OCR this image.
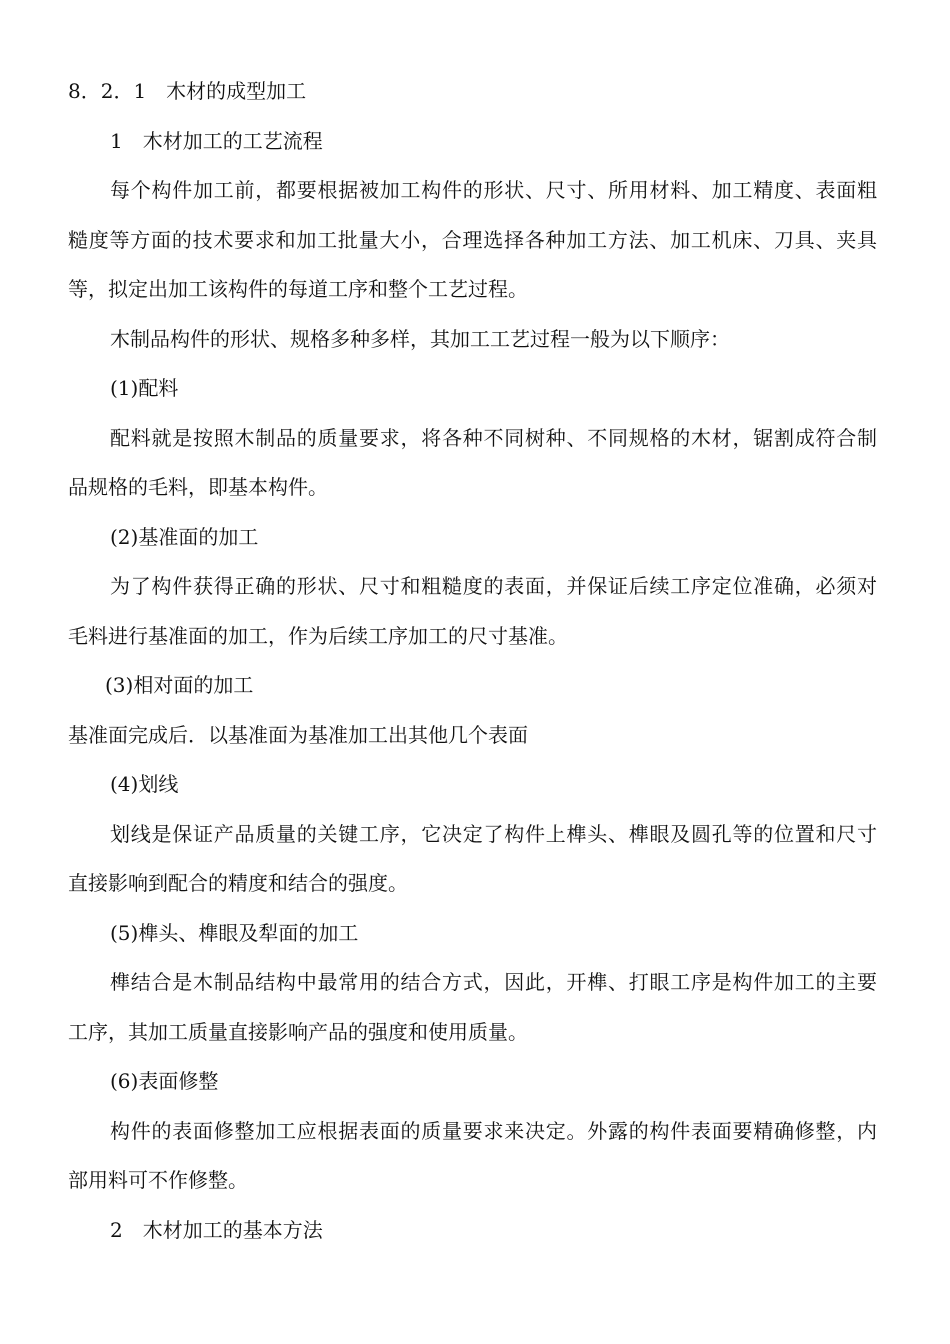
8．2．1　木材的成型加工
1　木材加工的工艺流程
每个构件加工前，都要根据被加工构件的形状、尺寸、所用材料、加工精度、表面粗
糙度等方面的技术要求和加工批量大小，合理选择各种加工方法、加工机床、刀具、夹具
等，拟定出加工该构件的每道工序和整个工艺过程。
木制品构件的形状、规格多种多样，其加工工艺过程一般为以下顺序：
(1)配料
配料就是按照木制品的质量要求，将各种不同树种、不同规格的木材，锯割成符合制
品规格的毛料，即基本构件。
(2)基准面的加工
为了构件获得正确的形状、尺寸和粗糙度的表面，并保证后续工序定位准确，必须对
毛料进行基准面的加工，作为后续工序加工的尺寸基准。
(3)相对面的加工
基准面完成后．以基准面为基准加工出其他几个表面
(4)划线
划线是保证产品质量的关键工序，它决定了构件上榫头、榫眼及圆孔等的位置和尺寸
直接影响到配合的精度和结合的强度。
(5)榫头、榫眼及犁面的加工
榫结合是木制品结构中最常用的结合方式，因此，开榫、打眼工序是构件加工的主要
工序，其加工质量直接影响产品的强度和使用质量。
(6)表面修整
构件的表面修整加工应根据表面的质量要求来决定。外露的构件表面要精确修整，内
部用料可不作修整。
2　木材加工的基本方法
